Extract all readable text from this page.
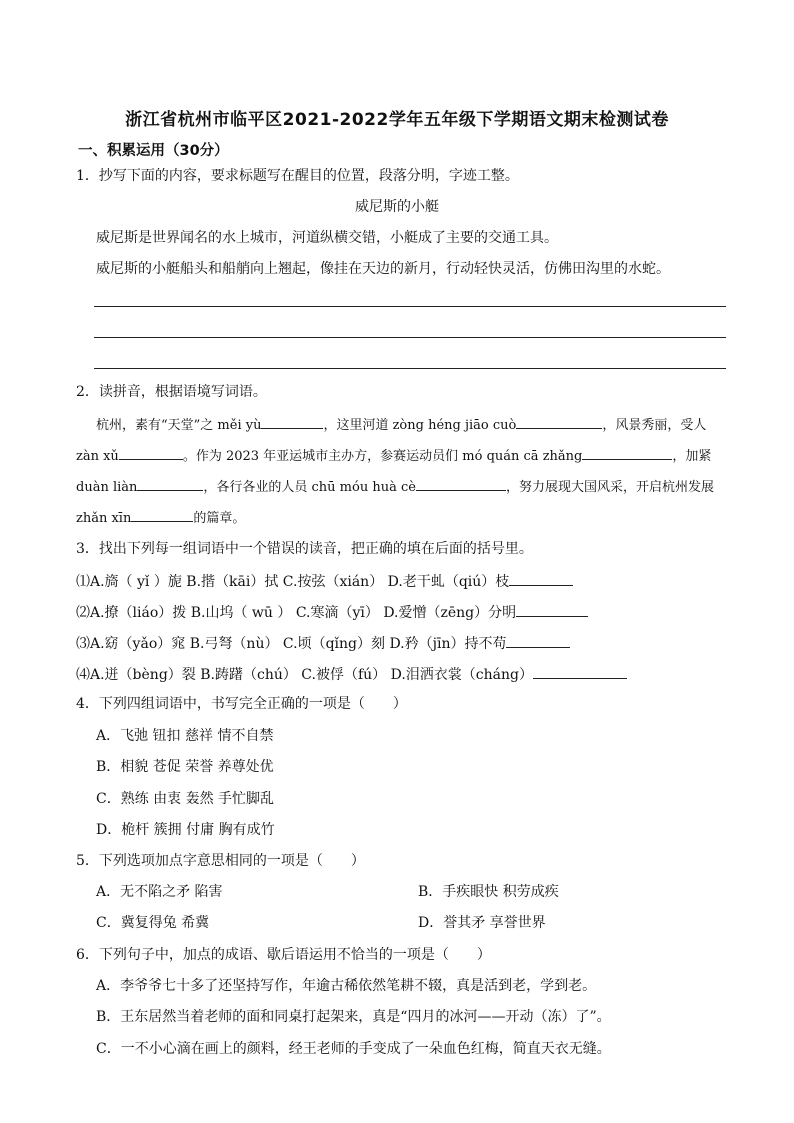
浙江省杭州市临平区2021-2022学年五年级下学期语文期末检测试卷
一、积累运用（30分）
1．抄写下面的内容，要求标题写在醒目的位置，段落分明，字迹工整。
威尼斯的小艇
威尼斯是世界闻名的水上城市，河道纵横交错，小艇成了主要的交通工具。
威尼斯的小艇船头和船艄向上翘起，像挂在天边的新月，行动轻快灵活，仿佛田沟里的水蛇。
2．读拼音，根据语境写词语。
杭州，素有“天堂”之 měi yù	，这里河道 zòng héng jiāo cuò	，风景秀丽，受人
zàn xǔ	。作为 2023 年亚运城市主办方，参赛运动员们 mó quán cā zhǎng	，加紧
duàn liàn	，各行各业的人员 chū móu huà cè	，努力展现大国风采，开启杭州发展
zhǎn xīn	的篇章。
3．找出下列每一组词语中一个错误的读音，把正确的填在后面的括号里。
⑴A.旖（ yǐ ）旎 B.揩（kāi）拭 C.按弦（xián） D.老干虬（qiú）枝
⑵A.撩（liáo）拨 B.山坞（ wū ） C.寒滴（yī） D.爱憎（zēng）分明
⑶A.窈（yǎo）窕 B.弓弩（nù） C.顷（qǐng）刻 D.矜（jīn）持不苟
⑷A.迸（bèng）裂 B.踌躇（chú） C.被俘（fú） D.泪洒衣裳（cháng）
4．下列四组词语中，书写完全正确的一项是（　　）
A．飞弛 钮扣 慈祥 情不自禁
B．相貌 苍促 荣誉 养尊处优
C．熟练 由衷 轰然 手忙脚乱
D．桅杆 簇拥 付庸 胸有成竹
5．下列选项加点字意思相同的一项是（　　）
A．无不陷之矛 陷害	B．手疾眼快 积劳成疾
C．冀复得兔 希冀	D．誉其矛 享誉世界
6．下列句子中，加点的成语、歇后语运用不恰当的一项是（　　）
A．李爷爷七十多了还坚持写作，年逾古稀依然笔耕不辍，真是活到老，学到老。
B．王东居然当着老师的面和同桌打起架来，真是“四月的冰河——开动（冻）了”。
C．一不小心滴在画上的颜料，经王老师的手变成了一朵血色红梅，简直天衣无缝。
